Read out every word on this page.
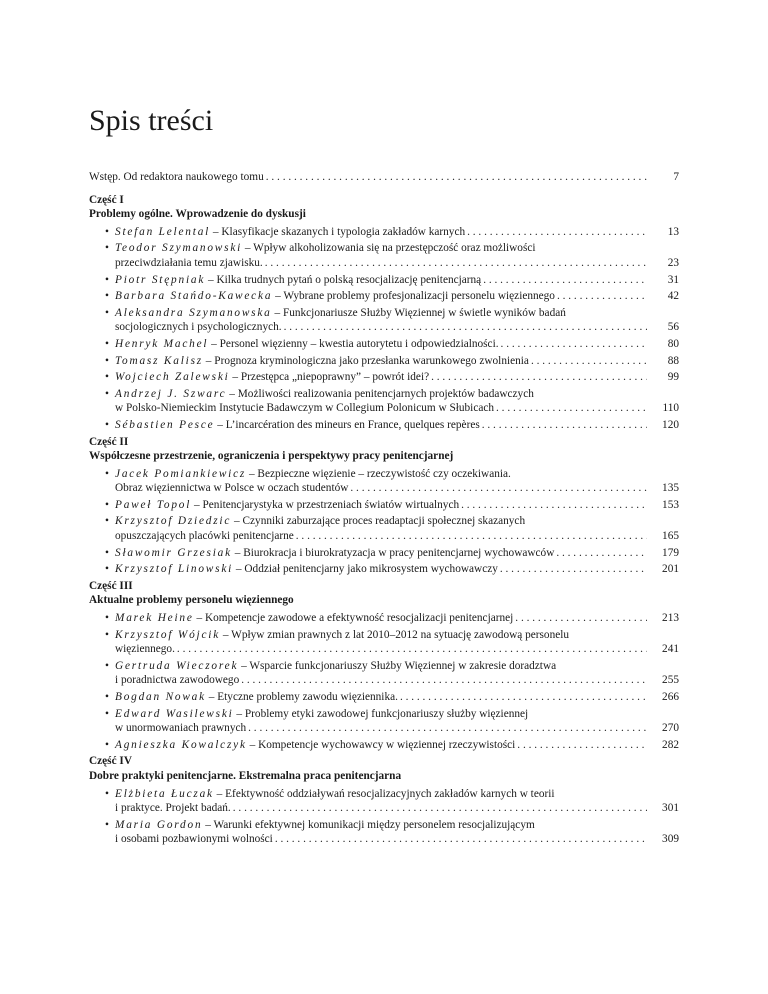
Spis treści
Wstęp. Od redaktora naukowego tomu . . .	7
Część I
Problemy ogólne. Wprowadzenie do dyskusji
• Stefan Lelental – Klasyfikacje skazanych i typologia zakładów karnych . . .	13
• Teodor Szymanowski – Wpływ alkoholizowania się na przestępczość oraz możliwości
przeciwdziałania temu zjawisku. . . .	23
• Piotr Stępniak – Kilka trudnych pytań o polską resocjalizację penitencjarną . . .	31
• Barbara Stańdo-Kawecka – Wybrane problemy profesjonalizacji personelu więziennego . . .	42
• Aleksandra Szymanowska – Funkcjonariusze Służby Więziennej w świetle wyników badań
socjologicznych i psychologicznych. . . .	56
• Henryk Machel – Personel więzienny – kwestia autorytetu i odpowiedzialności. . . .	80
• Tomasz Kalisz – Prognoza kryminologiczna jako przesłanka warunkowego zwolnienia . . .	88
• Wojciech Zalewski – Przestępca „niepoprawny” – powrót idei? . . .	99
• Andrzej J. Szwarc – Możliwości realizowania penitencjarnych projektów badawczych
w Polsko-Niemieckim Instytucie Badawczym w Collegium Polonicum w Słubicach . . .	110
• Sébastien Pesce – L’incarcération des mineurs en France, quelques repères . . .	120
Część II
Współczesne przestrzenie, ograniczenia i perspektywy pracy penitencjarnej
• Jacek Pomiankiewicz – Bezpieczne więzienie – rzeczywistość czy oczekiwania.
Obraz więziennictwa w Polsce w oczach studentów . . .	135
• Paweł Topol – Penitencjarystyka w przestrzeniach światów wirtualnych . . .	153
• Krzysztof Dziedzic – Czynniki zaburzające proces readaptacji społecznej skazanych
opuszczających placówki penitencjarne . . .	165
• Sławomir Grzesiak – Biurokracja i biurokratyzacja w pracy penitencjarnej wychowawców . . .	179
• Krzysztof Linowski – Oddział penitencjarny jako mikrosystem wychowawczy . . .	201
Część III
Aktualne problemy personelu więziennego
• Marek Heine – Kompetencje zawodowe a efektywność resocjalizacji penitencjarnej . . .	213
• Krzysztof Wójcik – Wpływ zmian prawnych z lat 2010–2012 na sytuację zawodową personelu
więziennego. . . .	241
• Gertruda Wieczorek – Wsparcie funkcjonariuszy Służby Więziennej w zakresie doradztwa
i poradnictwa zawodowego . . .	255
• Bogdan Nowak – Etyczne problemy zawodu więziennika. . . .	266
• Edward Wasilewski – Problemy etyki zawodowej funkcjonariuszy służby więziennej
w unormowaniach prawnych . . .	270
• Agnieszka Kowalczyk – Kompetencje wychowawcy w więziennej rzeczywistości . . .	282
Część IV
Dobre praktyki penitencjarne. Ekstremalna praca penitencjarna
• Elżbieta Łuczak – Efektywność oddziaływań resocjalizacyjnych zakładów karnych w teorii
i praktyce. Projekt badań. . . .	301
• Maria Gordon – Warunki efektywnej komunikacji między personelem resocjalizującym
i osobami pozbawionymi wolności . . .	309
